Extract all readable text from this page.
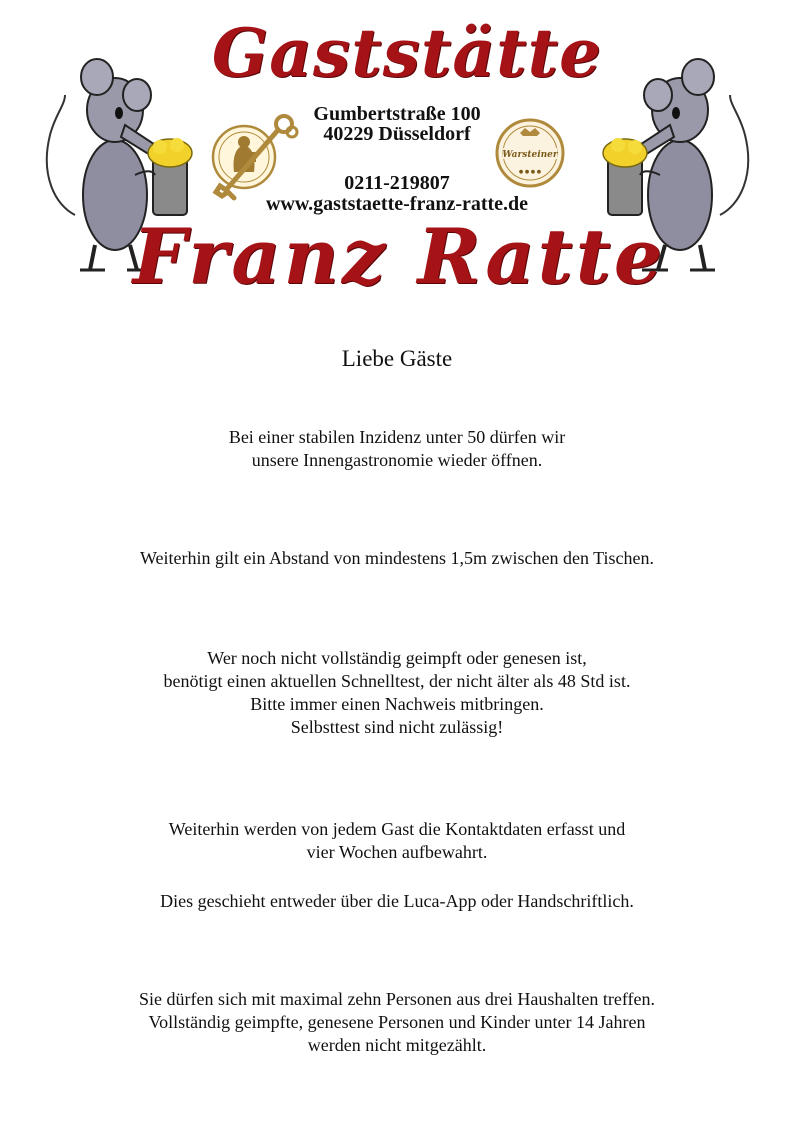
Gaststätte
Franz Ratte
Gumbertstraße 100
40229 Düsseldorf
0211-219807
www.gaststaette-franz-ratte.de
Warsteiner
● ● ● ●
Liebe Gäste
Bei einer stabilen Inzidenz unter 50 dürfen wir
unsere Innengastronomie wieder öffnen.
Weiterhin gilt ein Abstand von mindestens 1,5m zwischen den Tischen.
Wer noch nicht vollständig geimpft oder genesen ist,
benötigt einen aktuellen Schnelltest, der nicht älter als 48 Std ist.
Bitte immer einen Nachweis mitbringen.
Selbsttest sind nicht zulässig!
Weiterhin werden von jedem Gast die Kontaktdaten erfasst und
vier Wochen aufbewahrt.
Dies geschieht entweder über die Luca-App oder Handschriftlich.
Sie dürfen sich mit maximal zehn Personen aus drei Haushalten treffen.
Vollständig geimpfte, genesene Personen und Kinder unter 14 Jahren
werden nicht mitgezählt.
